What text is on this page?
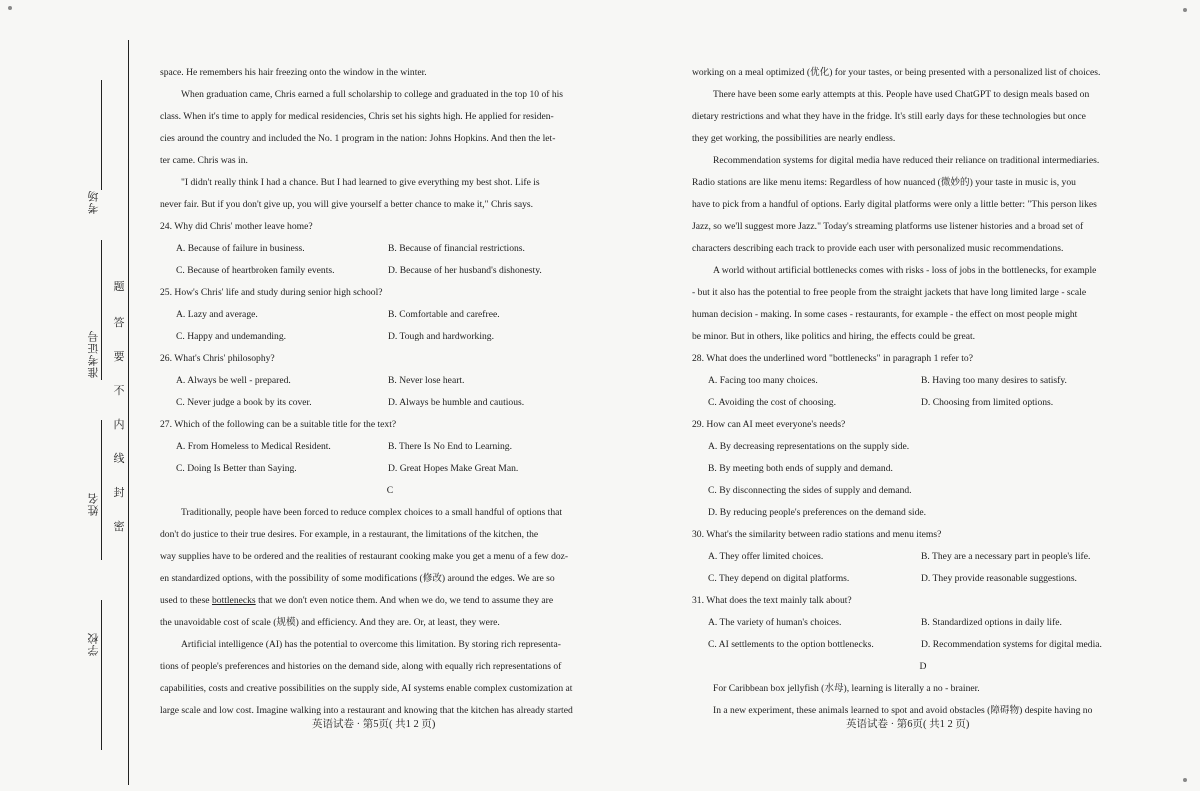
考场
准考证号
姓名
学校
题
答
要
不
内
线
封
密

space. He remembers his hair freezing onto the window in the winter.

When graduation came, Chris earned a full scholarship to college and graduated in the top 10 of his

class. When it's time to apply for medical residencies, Chris set his sights high. He applied for residen-

cies around the country and included the No. 1 program in the nation: Johns Hopkins. And then the let-

ter came. Chris was in.

"I didn't really think I had a chance. But I had learned to give everything my best shot. Life is

never fair. But if you don't give up, you will give yourself a better chance to make it," Chris says.

24. Why did Chris' mother leave home?

A. Because of failure in business.	B. Because of financial restrictions.
C. Because of heartbroken family events.	D. Because of her husband's dishonesty.

25. How's Chris' life and study during senior high school?

A. Lazy and average.	B. Comfortable and carefree.
C. Happy and undemanding.	D. Tough and hardworking.

26. What's Chris' philosophy?

A. Always be well - prepared.	B. Never lose heart.
C. Never judge a book by its cover.	D. Always be humble and cautious.

27. Which of the following can be a suitable title for the text?

A. From Homeless to Medical Resident.	B. There Is No End to Learning.
C. Doing Is Better than Saying.	D. Great Hopes Make Great Man.

C

Traditionally, people have been forced to reduce complex choices to a small handful of options that

don't do justice to their true desires. For example, in a restaurant, the limitations of the kitchen, the

way supplies have to be ordered and the realities of restaurant cooking make you get a menu of a few doz-

en standardized options, with the possibility of some modifications (修改) around the edges. We are so

used to these bottlenecks that we don't even notice them. And when we do, we tend to assume they are

the unavoidable cost of scale (规模) and efficiency. And they are. Or, at least, they were.

Artificial intelligence (AI) has the potential to overcome this limitation. By storing rich representa-

tions of people's preferences and histories on the demand side, along with equally rich representations of

capabilities, costs and creative possibilities on the supply side, AI systems enable complex customization at

large scale and low cost. Imagine walking into a restaurant and knowing that the kitchen has already started

英语试卷 · 第5页( 共1 2 页)

working on a meal optimized (优化) for your tastes, or being presented with a personalized list of choices.

There have been some early attempts at this. People have used ChatGPT to design meals based on

dietary restrictions and what they have in the fridge. It's still early days for these technologies but once

they get working, the possibilities are nearly endless.

Recommendation systems for digital media have reduced their reliance on traditional intermediaries.

Radio stations are like menu items: Regardless of how nuanced (微妙的) your taste in music is, you

have to pick from a handful of options. Early digital platforms were only a little better: "This person likes

Jazz, so we'll suggest more Jazz." Today's streaming platforms use listener histories and a broad set of

characters describing each track to provide each user with personalized music recommendations.

A world without artificial bottlenecks comes with risks - loss of jobs in the bottlenecks, for example

- but it also has the potential to free people from the straight jackets that have long limited large - scale

human decision - making. In some cases - restaurants, for example - the effect on most people might

be minor. But in others, like politics and hiring, the effects could be great.

28. What does the underlined word "bottlenecks" in paragraph 1 refer to?

A. Facing too many choices.	B. Having too many desires to satisfy.
C. Avoiding the cost of choosing.	D. Choosing from limited options.

29. How can AI meet everyone's needs?

A. By decreasing representations on the supply side.

B. By meeting both ends of supply and demand.

C. By disconnecting the sides of supply and demand.

D. By reducing people's preferences on the demand side.

30. What's the similarity between radio stations and menu items?

A. They offer limited choices.	B. They are a necessary part in people's life.
C. They depend on digital platforms.	D. They provide reasonable suggestions.

31. What does the text mainly talk about?

A. The variety of human's choices.	B. Standardized options in daily life.
C. AI settlements to the option bottlenecks.	D. Recommendation systems for digital media.

D

For Caribbean box jellyfish (水母), learning is literally a no - brainer.

In a new experiment, these animals learned to spot and avoid obstacles (障碍物) despite having no

英语试卷 · 第6页( 共1 2 页)
